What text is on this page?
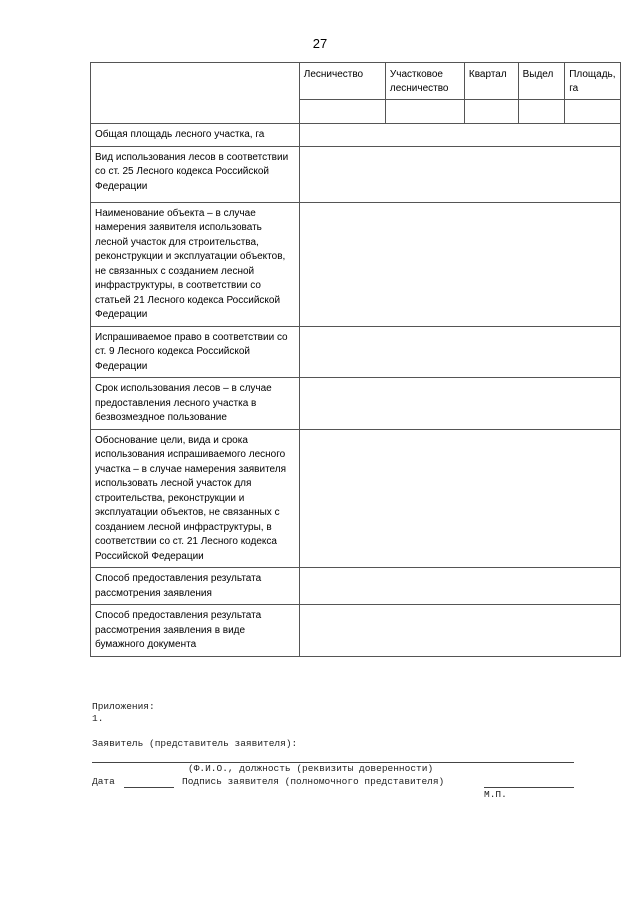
27
	Лесничество	Участковое лесничество	Квартал	Выдел	Площадь, га

Общая площадь лесного участка, га					
Вид использования лесов в соответствии со ст. 25 Лесного кодекса Российской Федерации					
Наименование объекта – в случае намерения заявителя использовать лесной участок для строительства, реконструкции и эксплуатации объектов, не связанных с созданием лесной инфраструктуры, в соответствии со статьей 21 Лесного кодекса Российской Федерации					
Испрашиваемое право в соответствии со ст. 9 Лесного кодекса Российской Федерации					
Срок использования лесов – в случае предоставления лесного участка в безвозмездное пользование					
Обоснование цели, вида и срока использования испрашиваемого лесного участка – в случае намерения заявителя использовать лесной участок для строительства, реконструкции и эксплуатации объектов, не связанных с созданием лесной инфраструктуры, в соответствии со ст. 21 Лесного кодекса Российской Федерации					
Способ предоставления результата рассмотрения заявления					
Способ предоставления результата рассмотрения заявления в виде бумажного документа					
Приложения:
1.
Заявитель (представитель заявителя):
(Ф.И.О., должность (реквизиты доверенности)
Дата	Подпись заявителя (полномочного представителя)
М.П.
